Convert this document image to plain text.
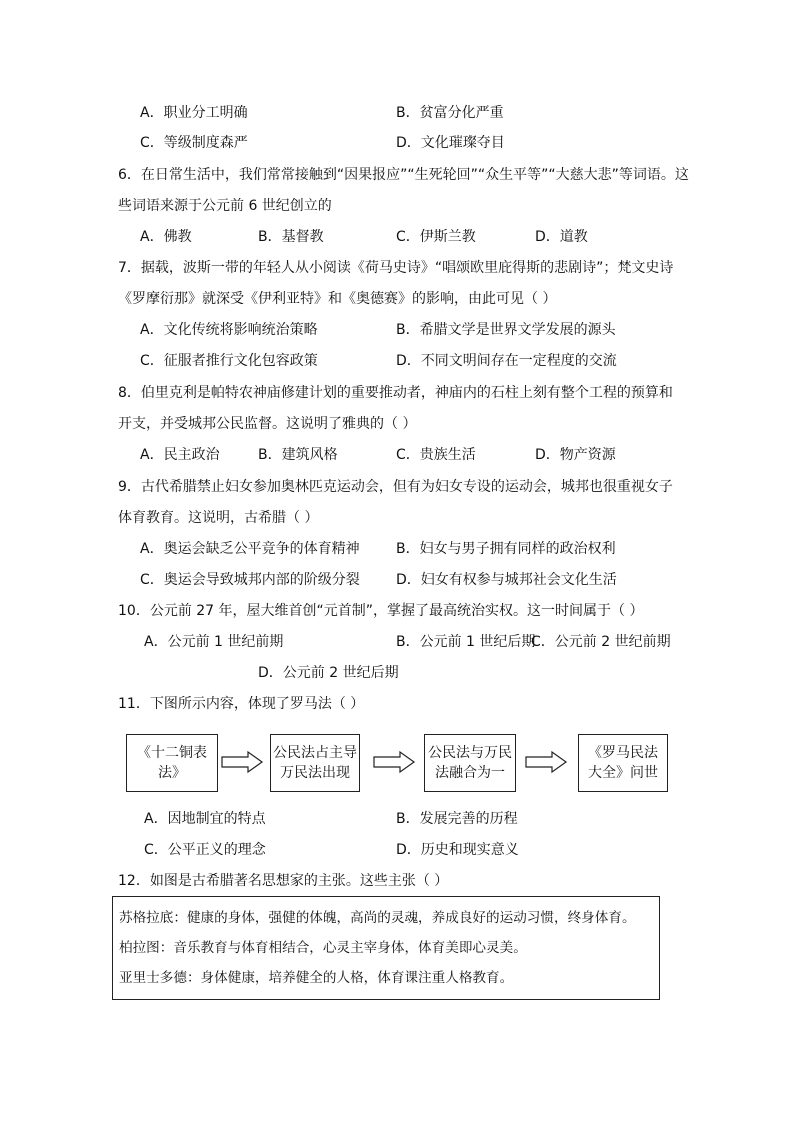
A．职业分工明确	B．贫富分化严重
C．等级制度森严	D．文化璀璨夺目
6．在日常生活中，我们常常接触到“因果报应”“生死轮回”“众生平等”“大慈大悲”等词语。这
些词语来源于公元前 6 世纪创立的
A．佛教	B．基督教	C．伊斯兰教	D．道教
7．据载，波斯一带的年轻人从小阅读《荷马史诗》“唱颂欧里庇得斯的悲剧诗”；梵文史诗
《罗摩衍那》就深受《伊利亚特》和《奥德赛》的影响，由此可见（ ）
A．文化传统将影响统治策略	B．希腊文学是世界文学发展的源头
C．征服者推行文化包容政策	D．不同文明间存在一定程度的交流
8．伯里克利是帕特农神庙修建计划的重要推动者，神庙内的石柱上刻有整个工程的预算和
开支，并受城邦公民监督。这说明了雅典的（ ）
A．民主政治	B．建筑风格	C．贵族生活	D．物产资源
9．古代希腊禁止妇女参加奥林匹克运动会，但有为妇女专设的运动会，城邦也很重视女子
体育教育。这说明，古希腊（ ）
A．奥运会缺乏公平竞争的体育精神	B．妇女与男子拥有同样的政治权利
C．奥运会导致城邦内部的阶级分裂	D．妇女有权参与城邦社会文化生活
10．公元前 27 年，屋大维首创“元首制”，掌握了最高统治实权。这一时间属于（ ）
A．公元前 1 世纪前期	B．公元前 1 世纪后期
C．公元前 2 世纪前期
D．公元前 2 世纪后期
11．下图所示内容，体现了罗马法（ ）
《十二铜表法》
公民法占主导
万民法出现
公民法与万民
法融合为一
《罗马民法
大全》问世
A．因地制宜的特点	B．发展完善的历程
C．公平正义的理念	D．历史和现实意义
12．如图是古希腊著名思想家的主张。这些主张（ ）
苏格拉底：健康的身体，强健的体魄，高尚的灵魂，养成良好的运动习惯，终身体育。
柏拉图：音乐教育与体育相结合，心灵主宰身体，体育美即心灵美。
亚里士多德：身体健康，培养健全的人格，体育课注重人格教育。
